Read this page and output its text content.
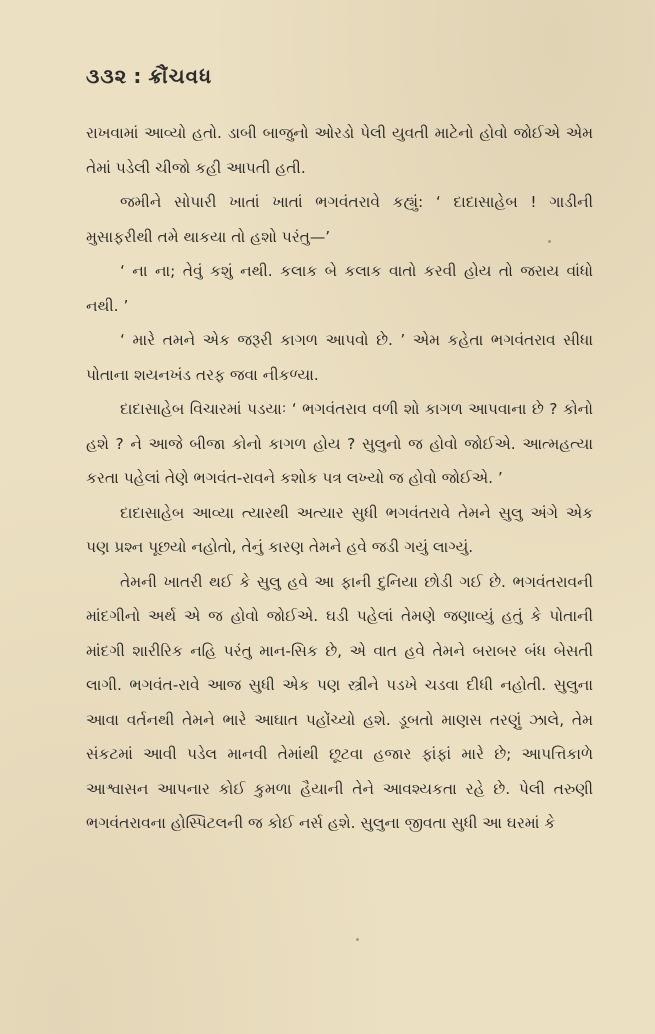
૩૩૨ : ક્રૌંચવધ

રાખવામાં આવ્યો હતો. ડાબી બાજુનો ઓરડો પેલી યુવતી માટેનો હોવો જોઈએ એમ તેમાં પડેલી ચીજો કહી આપતી હતી.

જમીને સોપારી ખાતાં ખાતાં ભગવંતરાવે કહ્યું: ‘ દાદાસાહેબ ! ગાડીની મુસાફરીથી તમે થાકયા તો હશો પરંતુ—’

‘ ના ના; તેવું કશું નથી. કલાક બે કલાક વાતો કરવી હોય તો જરાય વાંધો નથી. ’

‘ મારે તમને એક જરૂરી કાગળ આપવો છે. ’ એમ કહેતા ભગવંતરાવ સીધા પોતાના શયનખંડ તરફ જવા નીકળ્યા.

દાદાસાહેબ વિચારમાં પડયાઃ ‘ ભગવંતરાવ વળી શો કાગળ આપવાના છે ? કોનો હશે ? ને આજે બીજા કોનો કાગળ હોય ? સુલુનો જ હોવો જોઈએ. આત્મહત્યા કરતા પહેલાં તેણે ભગવંત-રાવને કશોક પત્ર લખ્યો જ હોવો જોઈએ. ’

દાદાસાહેબ આવ્યા ત્યારથી અત્યાર સુધી ભગવંતરાવે તેમને સુલુ અંગે એક પણ પ્રશ્ન પૂછયો નહોતો, તેનું કારણ તેમને હવે જડી ગયું લાગ્યું.

તેમની ખાતરી થઈ કે સુલુ હવે આ ફાની દુનિયા છોડી ગઈ છે. ભગવંતરાવની માંદગીનો અર્થ એ જ હોવો જોઈએ. ઘડી પહેલાં તેમણે જણાવ્યું હતું કે પોતાની માંદગી શારીરિક નહિ પરંતુ માન-સિક છે, એ વાત હવે તેમને બરાબર બંધ બેસતી લાગી. ભગવંત-રાવે આજ સુધી એક પણ સ્ત્રીને પડખે ચડવા દીધી નહોતી. સુલુના આવા વર્તનથી તેમને ભારે આઘાત પહોંચ્યો હશે. ડૂબતો માણસ તરણું ઝાલે, તેમ સંકટમાં આવી પડેલ માનવી તેમાંથી છૂટવા હજાર ફાંફાં મારે છે; આપત્તિકાળે આશ્વાસન આપનાર કોઈ કુમળા હૈયાની તેને આવશ્યકતા રહે છે. પેલી તરુણી ભગવંતરાવના હોસ્પિટલની જ કોઈ નર્સ હશે. સુલુના જીવતા સુધી આ ઘરમાં કે
